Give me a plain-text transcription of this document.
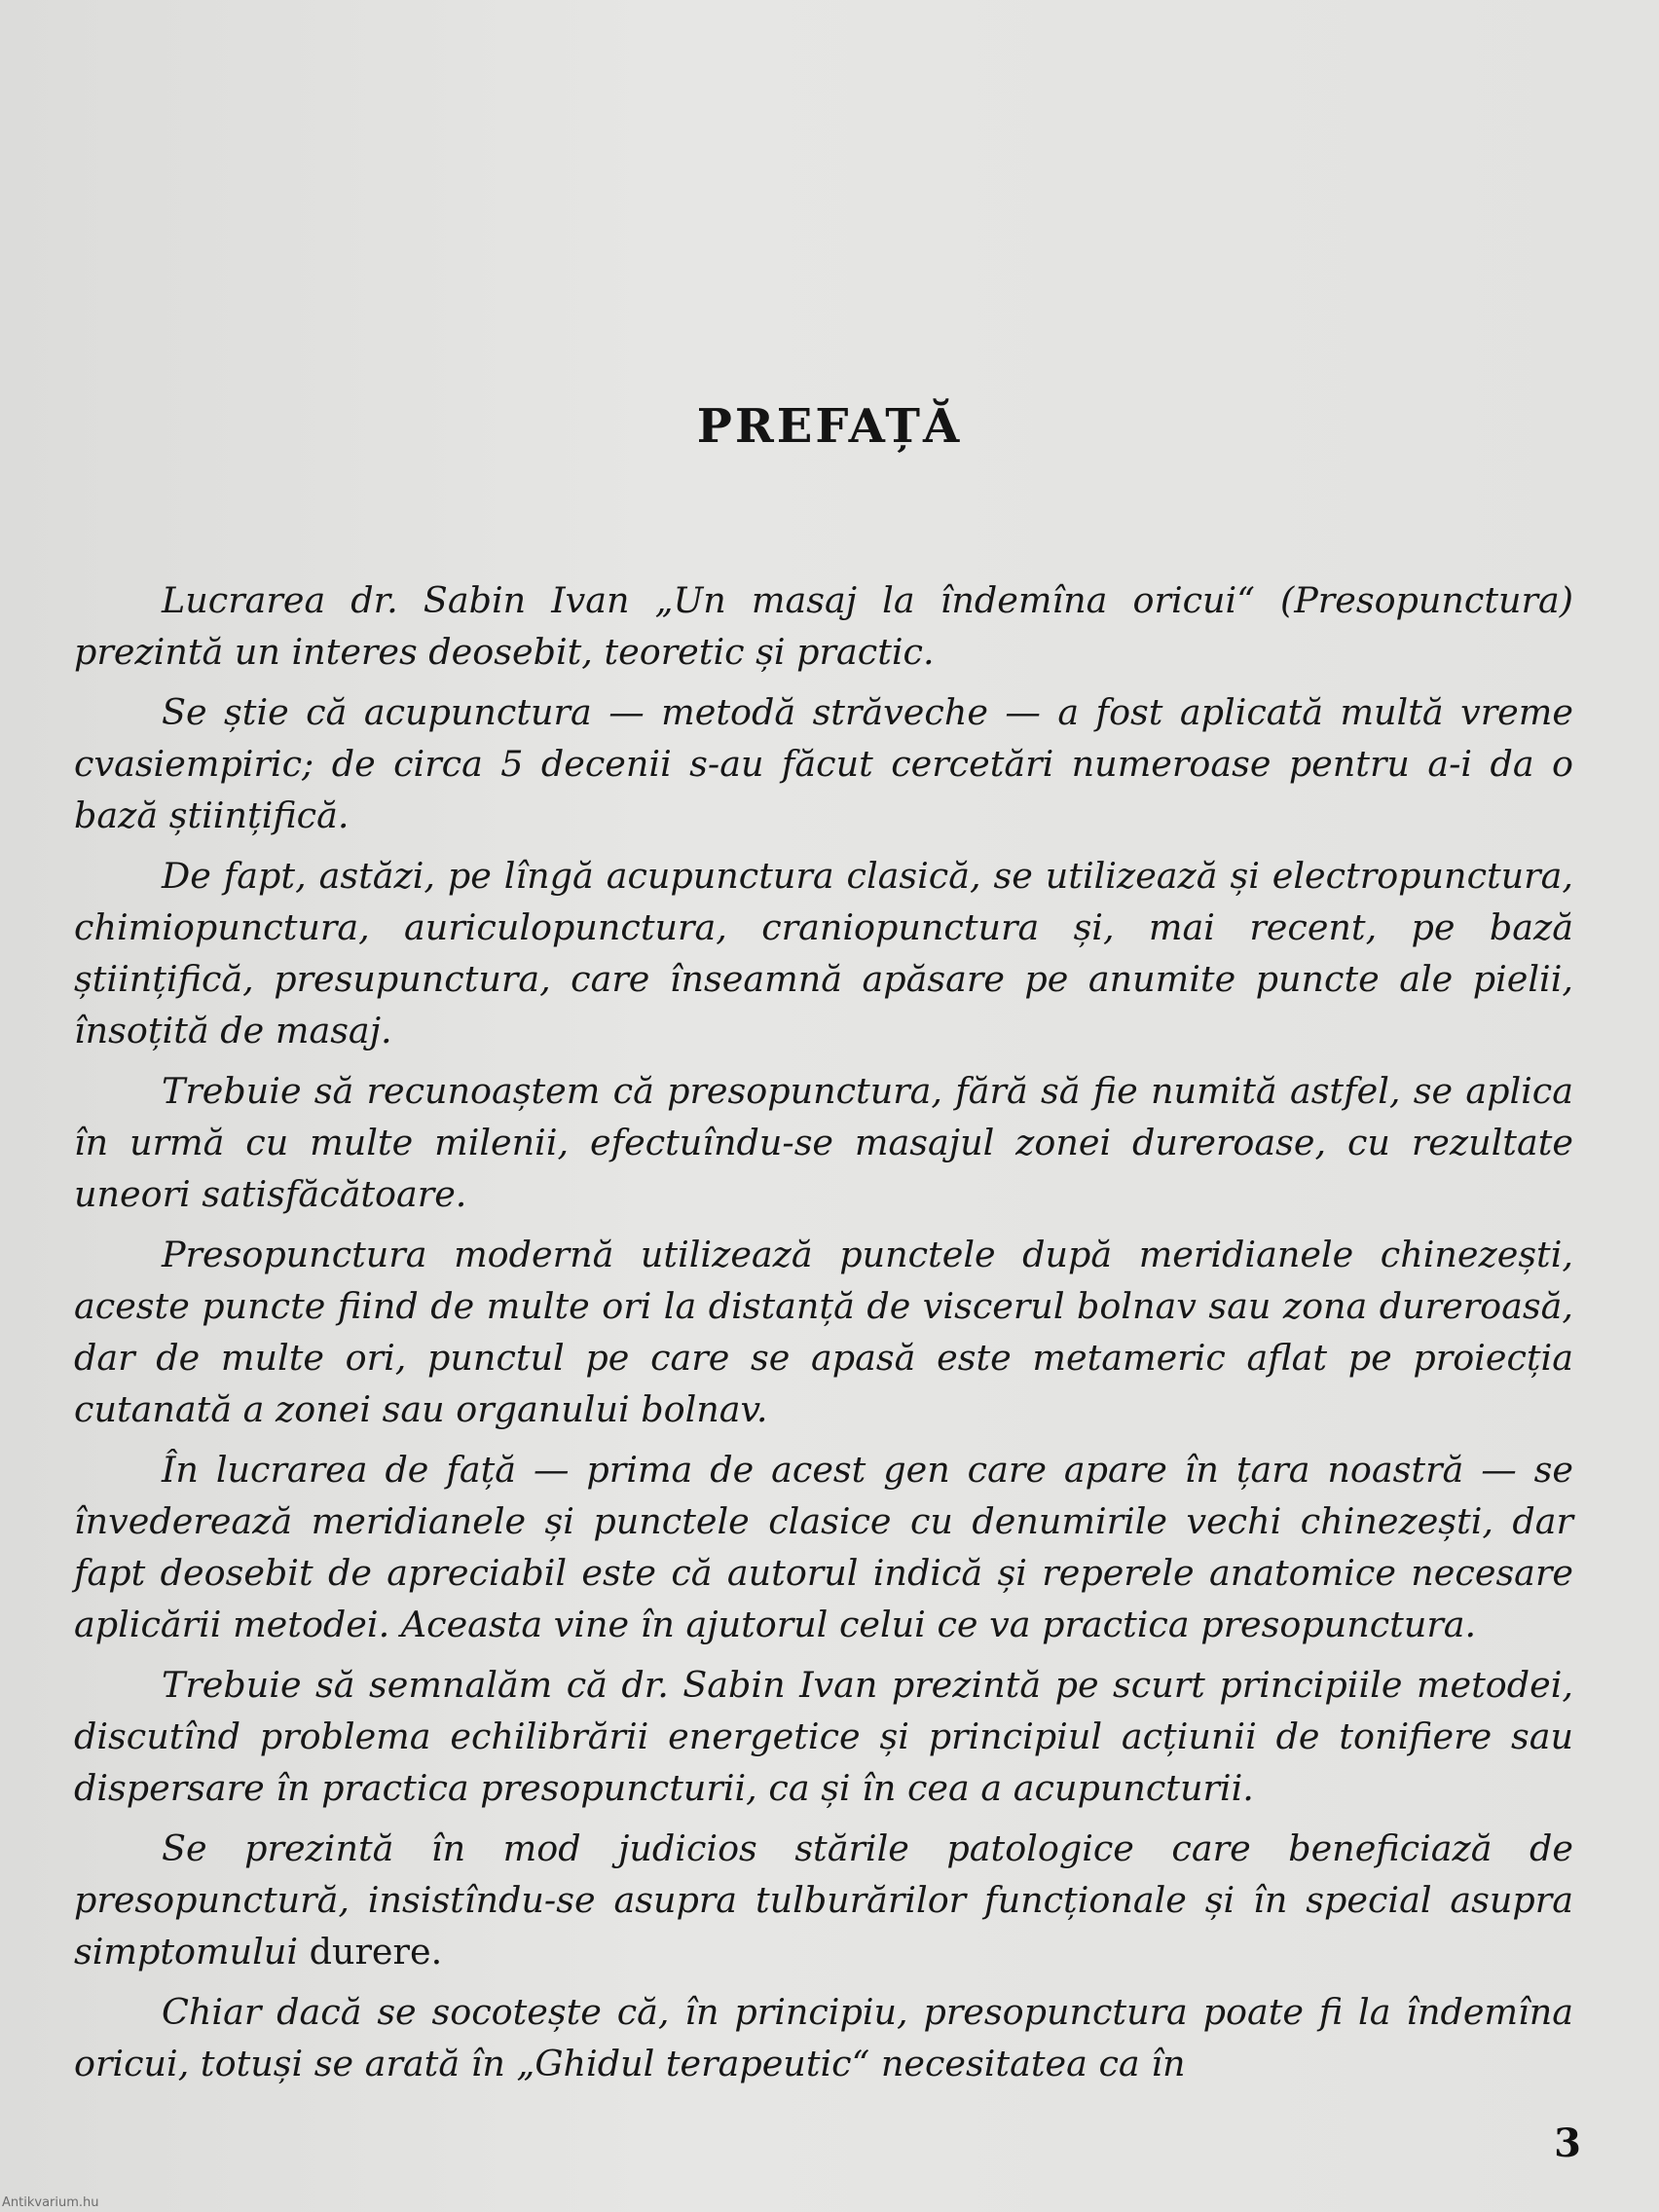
PREFAȚĂ

Lucrarea dr. Sabin Ivan „Un masaj la îndemîna oricui“ (Presopunctura) prezintă un interes deosebit, teoretic și practic.

Se știe că acupunctura — metodă străveche — a fost aplicată multă vreme cvasiempiric; de circa 5 decenii s-au făcut cercetări numeroase pentru a-i da o bază științifică.

De fapt, astăzi, pe lîngă acupunctura clasică, se utilizează și electropunctura, chimiopunctura, auriculopunctura, craniopunctura și, mai recent, pe bază științifică, presupunctura, care înseamnă apăsare pe anumite puncte ale pielii, însoțită de masaj.

Trebuie să recunoaștem că presopunctura, fără să fie numită astfel, se aplica în urmă cu multe milenii, efectuîndu-se masajul zonei dureroase, cu rezultate uneori satisfăcătoare.

Presopunctura modernă utilizează punctele după meridianele chinezești, aceste puncte fiind de multe ori la distanță de viscerul bolnav sau zona dureroasă, dar de multe ori, punctul pe care se apasă este metameric aflat pe proiecția cutanată a zonei sau organului bolnav.

În lucrarea de față — prima de acest gen care apare în țara noastră — se învederează meridianele și punctele clasice cu denumirile vechi chinezești, dar fapt deosebit de apreciabil este că autorul indică și reperele anatomice necesare aplicării metodei. Aceasta vine în ajutorul celui ce va practica presopunctura.

Trebuie să semnalăm că dr. Sabin Ivan prezintă pe scurt principiile metodei, discutînd problema echilibrării energetice și principiul acțiunii de tonifiere sau dispersare în practica presopuncturii, ca și în cea a acupuncturii.

Se prezintă în mod judicios stările patologice care beneficiază de presopunctură, insistîndu-se asupra tulburărilor funcționale și în special asupra simptomului durere.

Chiar dacă se socotește că, în principiu, presopunctura poate fi la îndemîna oricui, totuși se arată în „Ghidul terapeutic“ necesitatea ca în

3
Antikvarium.hu
